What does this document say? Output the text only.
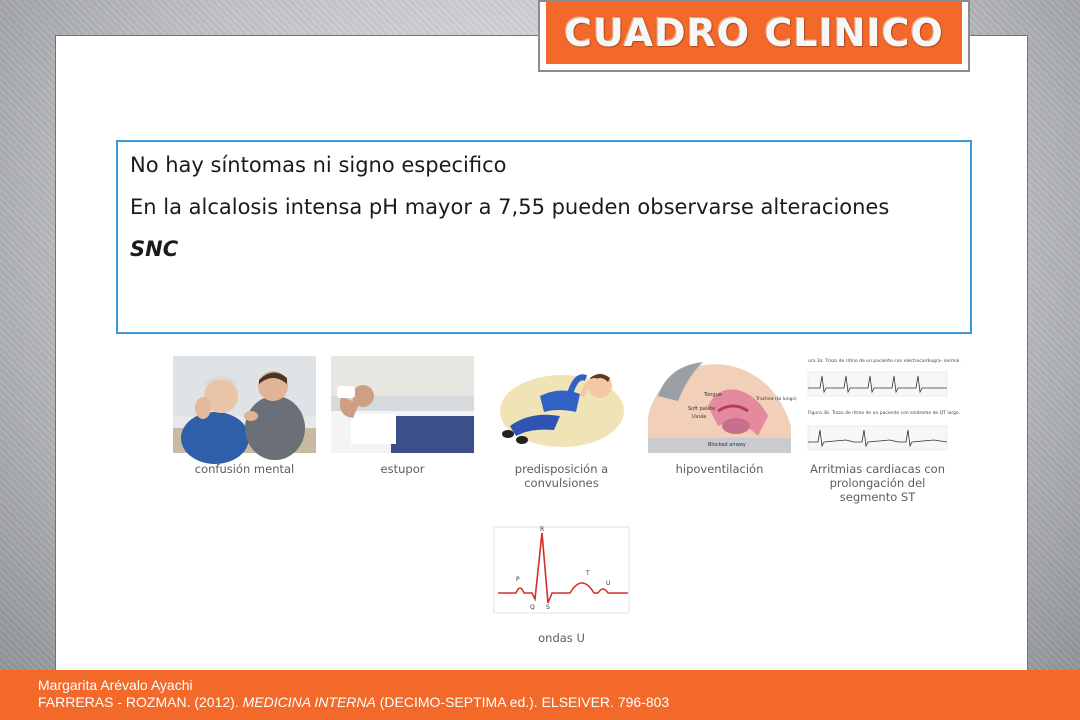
CUADRO CLINICO

No hay síntomas ni signo especifico

En la alcalosis intensa pH mayor a 7,55 pueden observarse alteraciones

SNC

confusión mental	estupor	predisposición a convulsiones
Tongue
Soft palate
Uvula
Trachea (to lungs)
Blocked airway
hipoventilación
ura 3a. Trazo de ritmo de un paciente con electrocardiogra- normal.
Figura 3b. Trazo de ritmo de un paciente con síndrome de QT largo.
Arritmias cardiacas con prolongación del segmento ST
R
P
T
U
Q S
ondas U
Margarita Arévalo Ayachi
FARRERAS - ROZMAN. (2012). MEDICINA INTERNA (DECIMO-SEPTIMA ed.). ELSEIVER. 796-803
